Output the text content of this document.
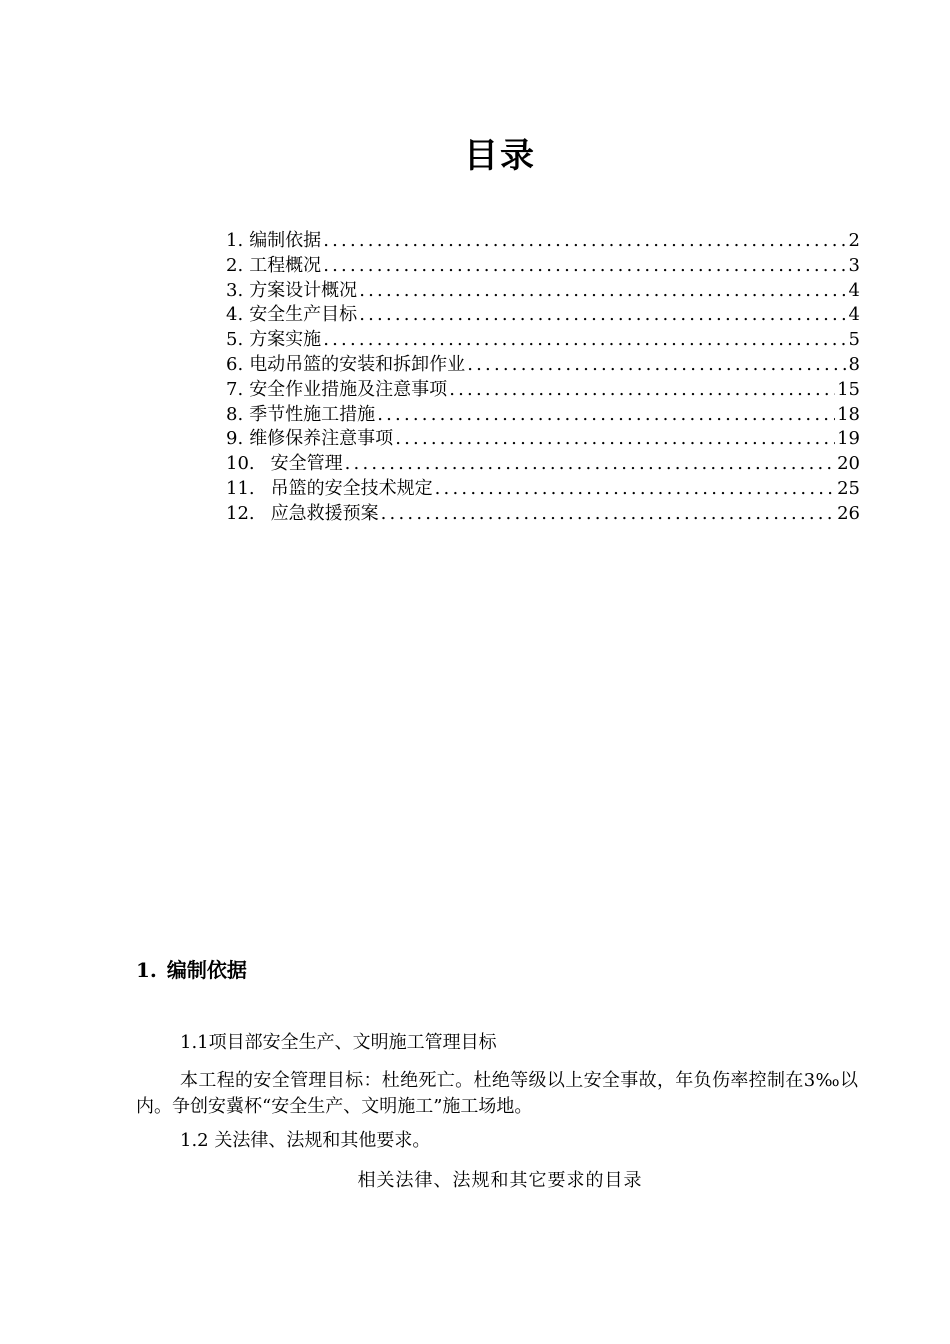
目录
1. 编制依据 .....	2
2. 工程概况 .....	3
3. 方案设计概况 .....	4
4. 安全生产目标 .....	4
5. 方案实施 .....	5
6. 电动吊篮的安装和拆卸作业 .....	8
7. 安全作业措施及注意事项 .....	15
8. 季节性施工措施 .....	18
9. 维修保养注意事项 .....	19
10. 安全管理 .....	20
11. 吊篮的安全技术规定 .....	25
12. 应急救援预案 .....	26
1. 编制依据

1.1项目部安全生产、文明施工管理目标

本工程的安全管理目标：杜绝死亡。杜绝等级以上安全事故，年负伤率控制在3‰以内。争创安冀杯“安全生产、文明施工”施工场地。

1.2 关法律、法规和其他要求。

相关法律、法规和其它要求的目录
